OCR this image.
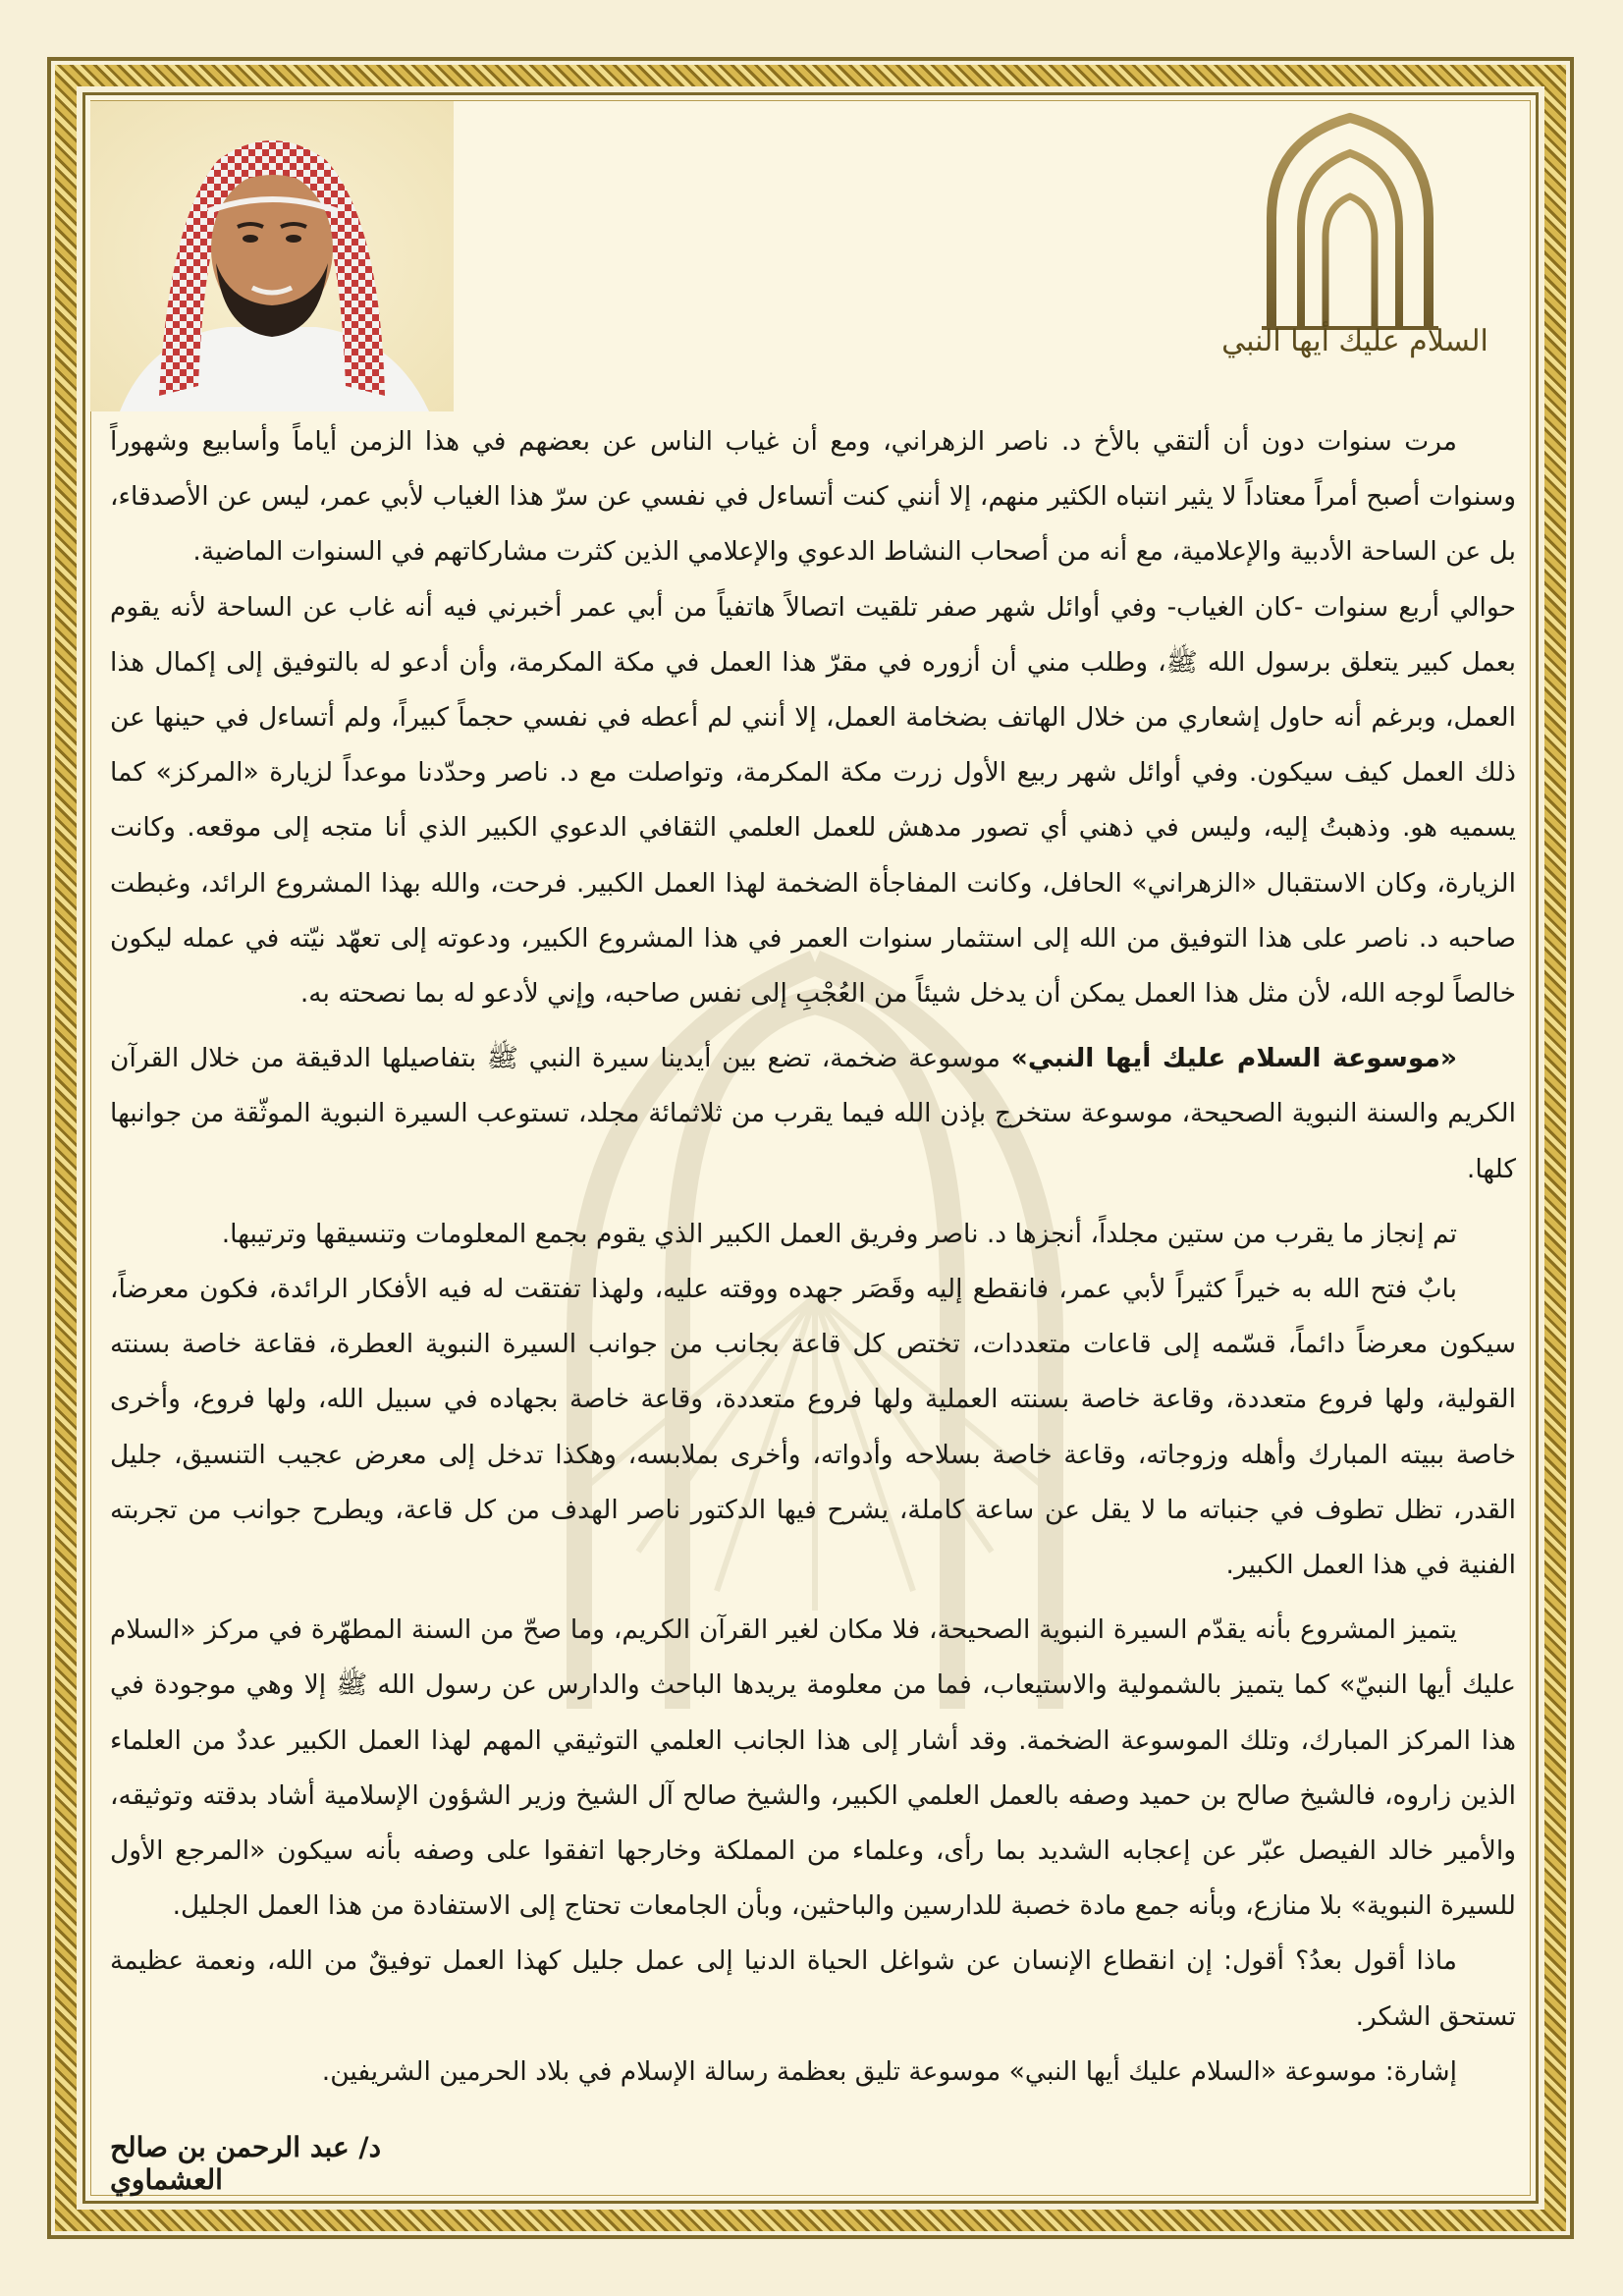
السلام عليك أيها النبي

مرت سنوات دون أن ألتقي بالأخ د. ناصر الزهراني، ومع أن غياب الناس عن بعضهم في هذا الزمن أياماً وأسابيع وشهوراً وسنوات أصبح أمراً معتاداً لا يثير انتباه الكثير منهم، إلا أنني كنت أتساءل في نفسي عن سرّ هذا الغياب لأبي عمر، ليس عن الأصدقاء، بل عن الساحة الأدبية والإعلامية، مع أنه من أصحاب النشاط الدعوي والإعلامي الذين كثرت مشاركاتهم في السنوات الماضية.

حوالي أربع سنوات -كان الغياب- وفي أوائل شهر صفر تلقيت اتصالاً هاتفياً من أبي عمر أخبرني فيه أنه غاب عن الساحة لأنه يقوم بعمل كبير يتعلق برسول الله ﷺ، وطلب مني أن أزوره في مقرّ هذا العمل في مكة المكرمة، وأن أدعو له بالتوفيق إلى إكمال هذا العمل، وبرغم أنه حاول إشعاري من خلال الهاتف بضخامة العمل، إلا أنني لم أعطه في نفسي حجماً كبيراً، ولم أتساءل في حينها عن ذلك العمل كيف سيكون. وفي أوائل شهر ربيع الأول زرت مكة المكرمة، وتواصلت مع د. ناصر وحدّدنا موعداً لزيارة «المركز» كما يسميه هو. وذهبتُ إليه، وليس في ذهني أي تصور مدهش للعمل العلمي الثقافي الدعوي الكبير الذي أنا متجه إلى موقعه. وكانت الزيارة، وكان الاستقبال «الزهراني» الحافل، وكانت المفاجأة الضخمة لهذا العمل الكبير. فرحت، والله بهذا المشروع الرائد، وغبطت صاحبه د. ناصر على هذا التوفيق من الله إلى استثمار سنوات العمر في هذا المشروع الكبير، ودعوته إلى تعهّد نيّته في عمله ليكون خالصاً لوجه الله، لأن مثل هذا العمل يمكن أن يدخل شيئاً من العُجْبِ إلى نفس صاحبه، وإني لأدعو له بما نصحته به.

«موسوعة السلام عليك أيها النبي» موسوعة ضخمة، تضع بين أيدينا سيرة النبي ﷺ بتفاصيلها الدقيقة من خلال القرآن الكريم والسنة النبوية الصحيحة، موسوعة ستخرج بإذن الله فيما يقرب من ثلاثمائة مجلد، تستوعب السيرة النبوية الموثّقة من جوانبها كلها.

تم إنجاز ما يقرب من ستين مجلداً، أنجزها د. ناصر وفريق العمل الكبير الذي يقوم بجمع المعلومات وتنسيقها وترتيبها.

بابٌ فتح الله به خيراً كثيراً لأبي عمر، فانقطع إليه وقَصَر جهده ووقته عليه، ولهذا تفتقت له فيه الأفكار الرائدة، فكون معرضاً، سيكون معرضاً دائماً، قسّمه إلى قاعات متعددات، تختص كل قاعة بجانب من جوانب السيرة النبوية العطرة، فقاعة خاصة بسنته القولية، ولها فروع متعددة، وقاعة خاصة بسنته العملية ولها فروع متعددة، وقاعة خاصة بجهاده في سبيل الله، ولها فروع، وأخرى خاصة ببيته المبارك وأهله وزوجاته، وقاعة خاصة بسلاحه وأدواته، وأخرى بملابسه، وهكذا تدخل إلى معرض عجيب التنسيق، جليل القدر، تظل تطوف في جنباته ما لا يقل عن ساعة كاملة، يشرح فيها الدكتور ناصر الهدف من كل قاعة، ويطرح جوانب من تجربته الفنية في هذا العمل الكبير.

يتميز المشروع بأنه يقدّم السيرة النبوية الصحيحة، فلا مكان لغير القرآن الكريم، وما صحّ من السنة المطهّرة في مركز «السلام عليك أيها النبيّ» كما يتميز بالشمولية والاستيعاب، فما من معلومة يريدها الباحث والدارس عن رسول الله ﷺ إلا وهي موجودة في هذا المركز المبارك، وتلك الموسوعة الضخمة. وقد أشار إلى هذا الجانب العلمي التوثيقي المهم لهذا العمل الكبير عددٌ من العلماء الذين زاروه، فالشيخ صالح بن حميد وصفه بالعمل العلمي الكبير، والشيخ صالح آل الشيخ وزير الشؤون الإسلامية أشاد بدقته وتوثيقه، والأمير خالد الفيصل عبّر عن إعجابه الشديد بما رأى، وعلماء من المملكة وخارجها اتفقوا على وصفه بأنه سيكون «المرجع الأول للسيرة النبوية» بلا منازع، وبأنه جمع مادة خصبة للدارسين والباحثين، وبأن الجامعات تحتاج إلى الاستفادة من هذا العمل الجليل.

ماذا أقول بعدُ؟ أقول: إن انقطاع الإنسان عن شواغل الحياة الدنيا إلى عمل جليل كهذا العمل توفيقٌ من الله، ونعمة عظيمة تستحق الشكر.

إشارة: موسوعة «السلام عليك أيها النبي» موسوعة تليق بعظمة رسالة الإسلام في بلاد الحرمين الشريفين.

د/ عبد الرحمن بن صالح العشماوي
